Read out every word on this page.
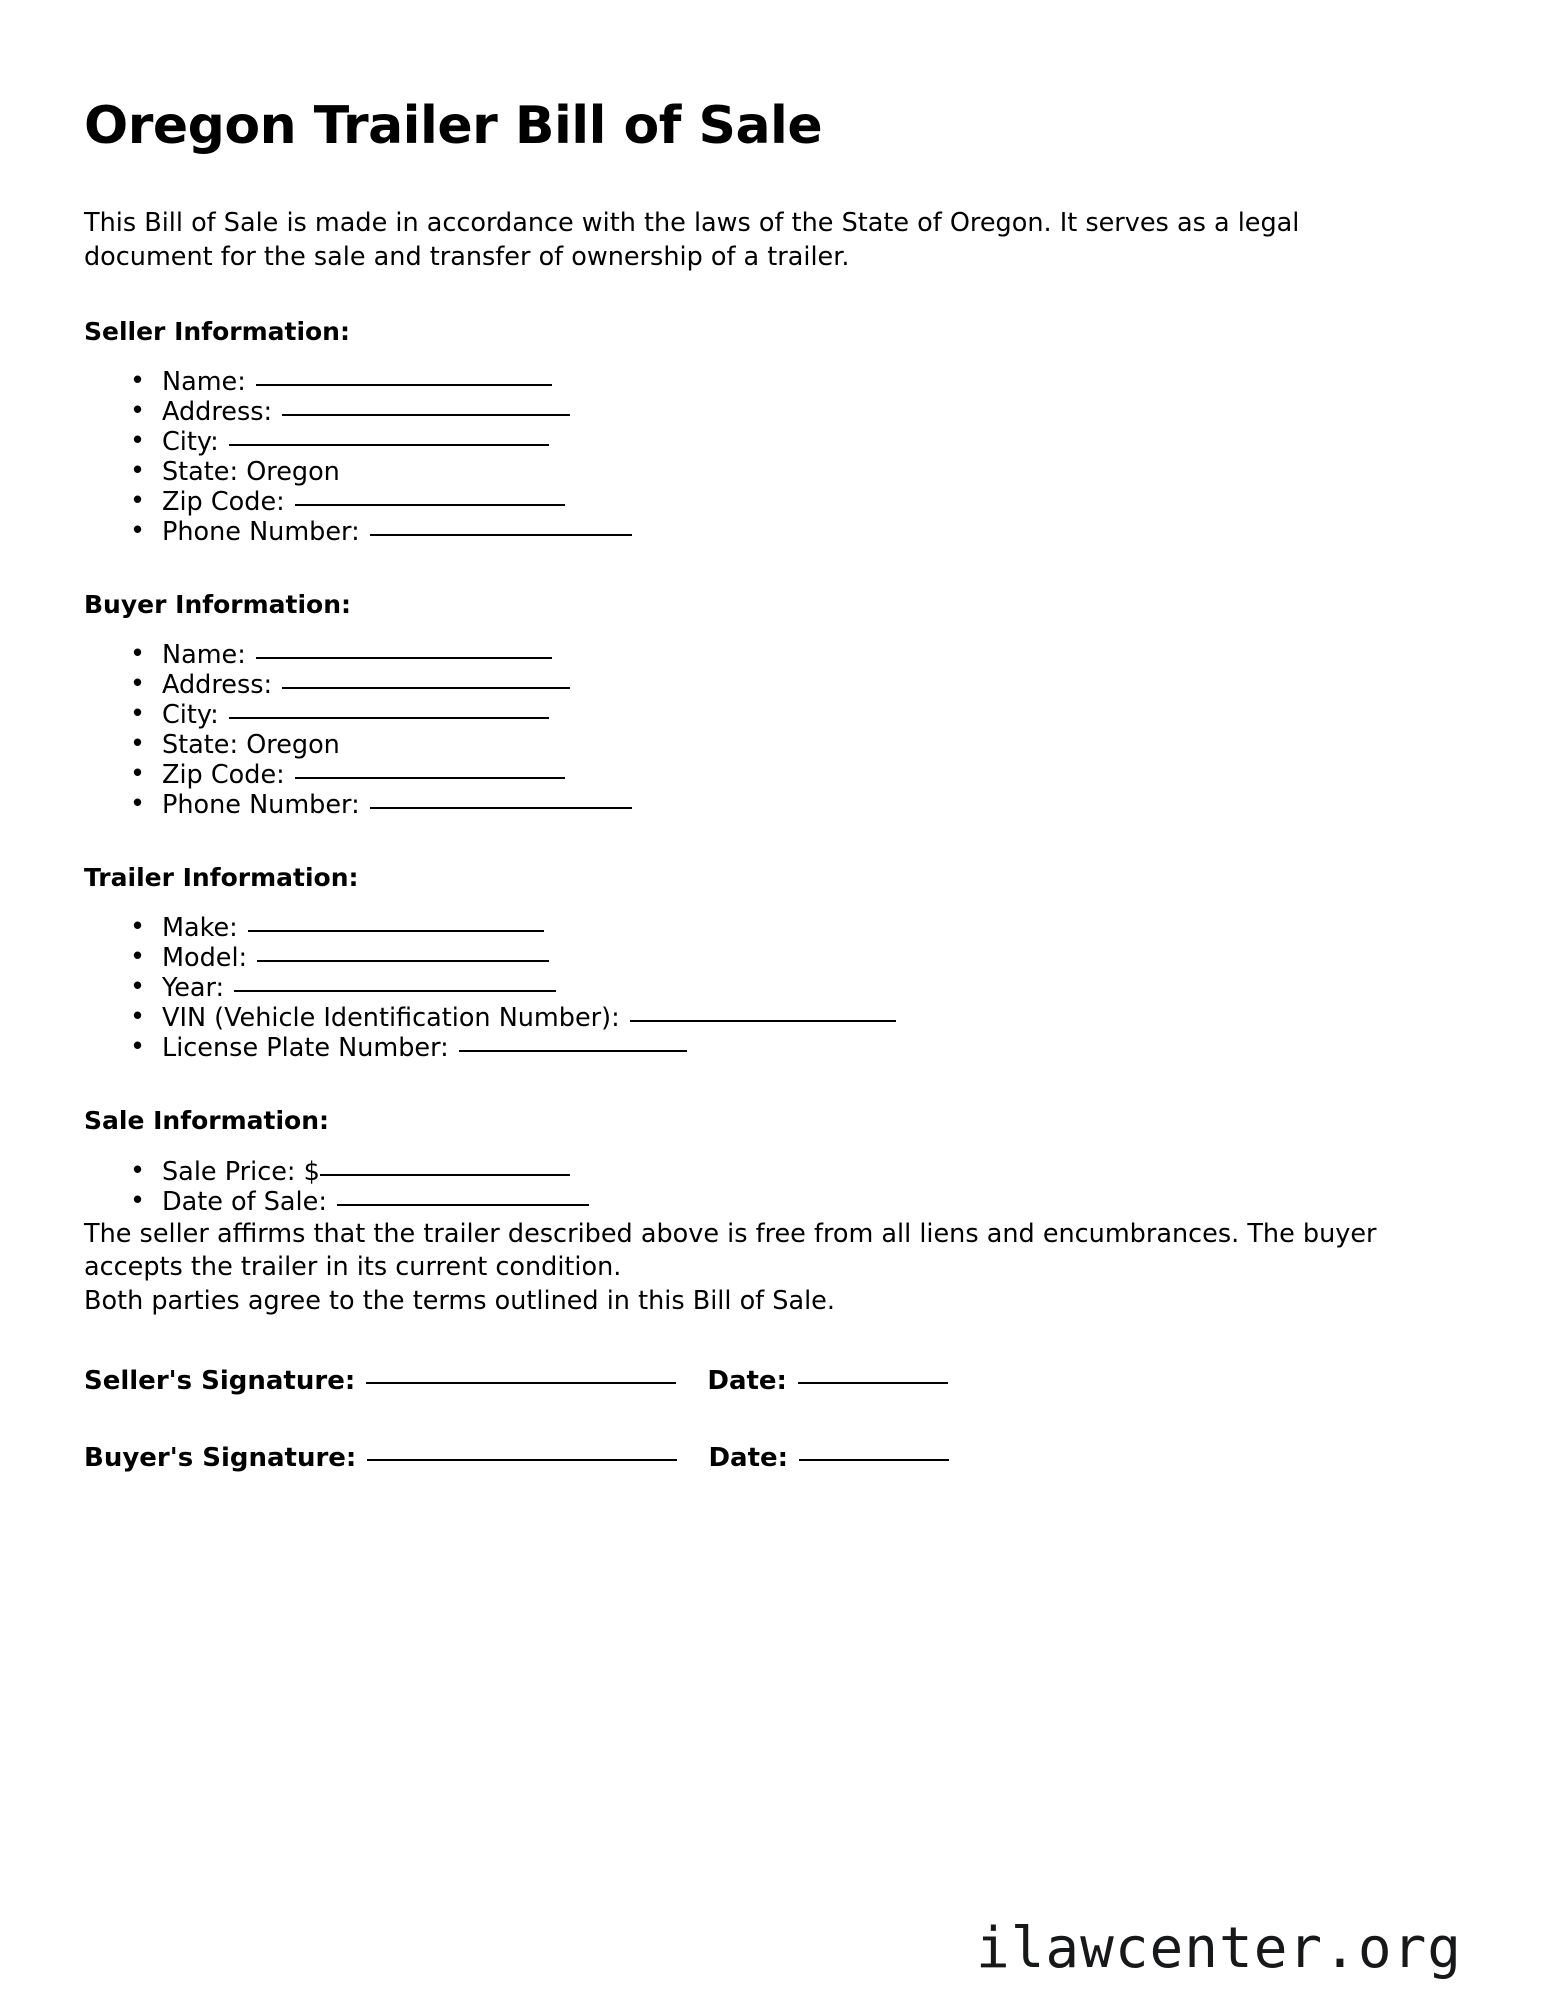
Oregon Trailer Bill of Sale

This Bill of Sale is made in accordance with the laws of the State of Oregon. It serves as a legal document for the sale and transfer of ownership of a trailer.

Seller Information:
• Name:
• Address:
• City:
• State: Oregon
• Zip Code:
• Phone Number:
Buyer Information:
• Name:
• Address:
• City:
• State: Oregon
• Zip Code:
• Phone Number:
Trailer Information:
• Make:
• Model:
• Year:
• VIN (Vehicle Identification Number):
• License Plate Number:
Sale Information:
• Sale Price: $
• Date of Sale:

The seller affirms that the trailer described above is free from all liens and encumbrances. The buyer accepts the trailer in its current condition.

Both parties agree to the terms outlined in this Bill of Sale.

Seller's Signature:	Date:
Buyer's Signature:	Date:
ilawcenter.org
